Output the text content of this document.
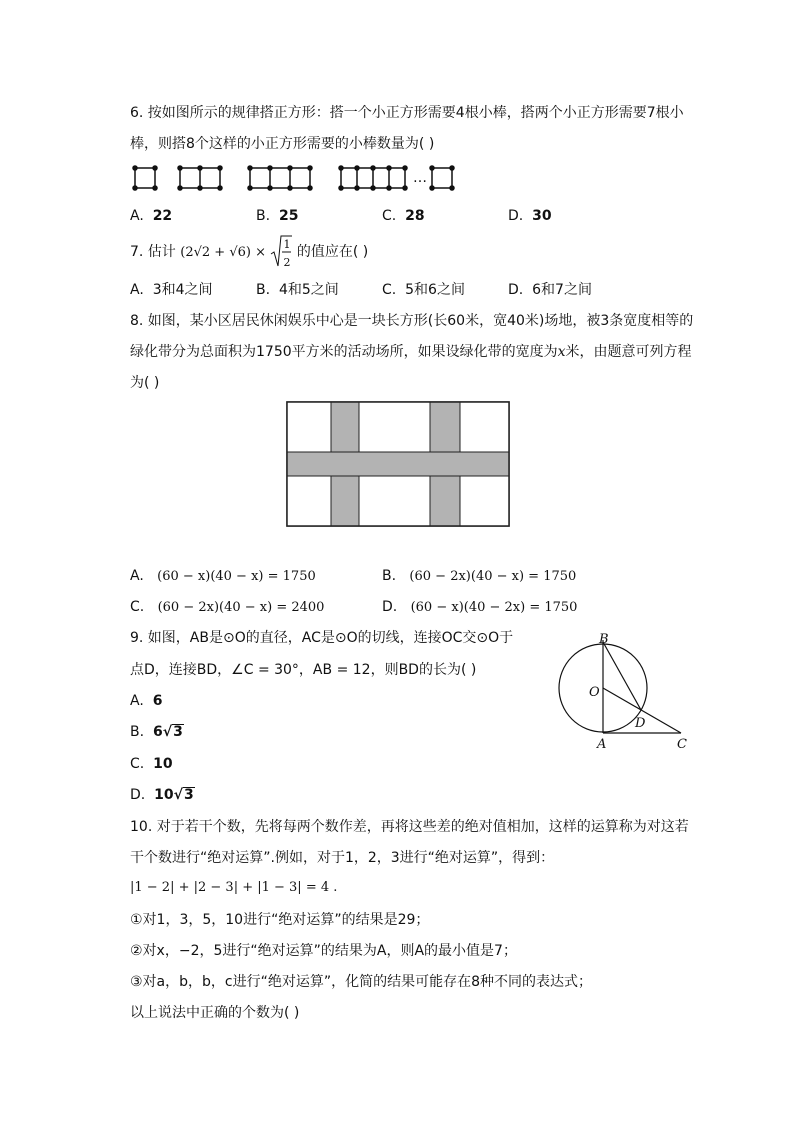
6. 按如图所示的规律搭正方形：搭一个小正方形需要4根小棒，搭两个小正方形需要7根小
棒，则搭8个这样的小正方形需要的小棒数量为( )
…
A. 22	B. 25	C. 28	D. 30
7. 估计 (2√2 + √6) ×
1
2
的值应在( )
A. 3和4之间	B. 4和5之间	C. 5和6之间	D. 6和7之间
8. 如图，某小区居民休闲娱乐中心是一块长方形(长60米，宽40米)场地，被3条宽度相等的
绿化带分为总面积为1750平方米的活动场所，如果设绿化带的宽度为x米，由题意可列方程
为( )
A. (60 − x)(40 − x) = 1750	B. (60 − 2x)(40 − x) = 1750
C. (60 − 2x)(40 − x) = 2400	D. (60 − x)(40 − 2x) = 1750
9. 如图，AB是⊙O的直径，AC是⊙O的切线，连接OC交⊙O于
点D，连接BD，∠C = 30°，AB = 12，则BD的长为( )
B
O
D
A	C
A. 6
B. 6√3
C. 10
D. 10√3
10. 对于若干个数，先将每两个数作差，再将这些差的绝对值相加，这样的运算称为对这若
干个数进行“绝对运算”.例如，对于1，2，3进行“绝对运算”，得到：
|1 − 2| + |2 − 3| + |1 − 3| = 4 .
①对1，3，5，10进行“绝对运算”的结果是29；
②对x，−2，5进行“绝对运算”的结果为A，则A的最小值是7；
③对a，b，b，c进行“绝对运算”，化简的结果可能存在8种不同的表达式；
以上说法中正确的个数为( )
